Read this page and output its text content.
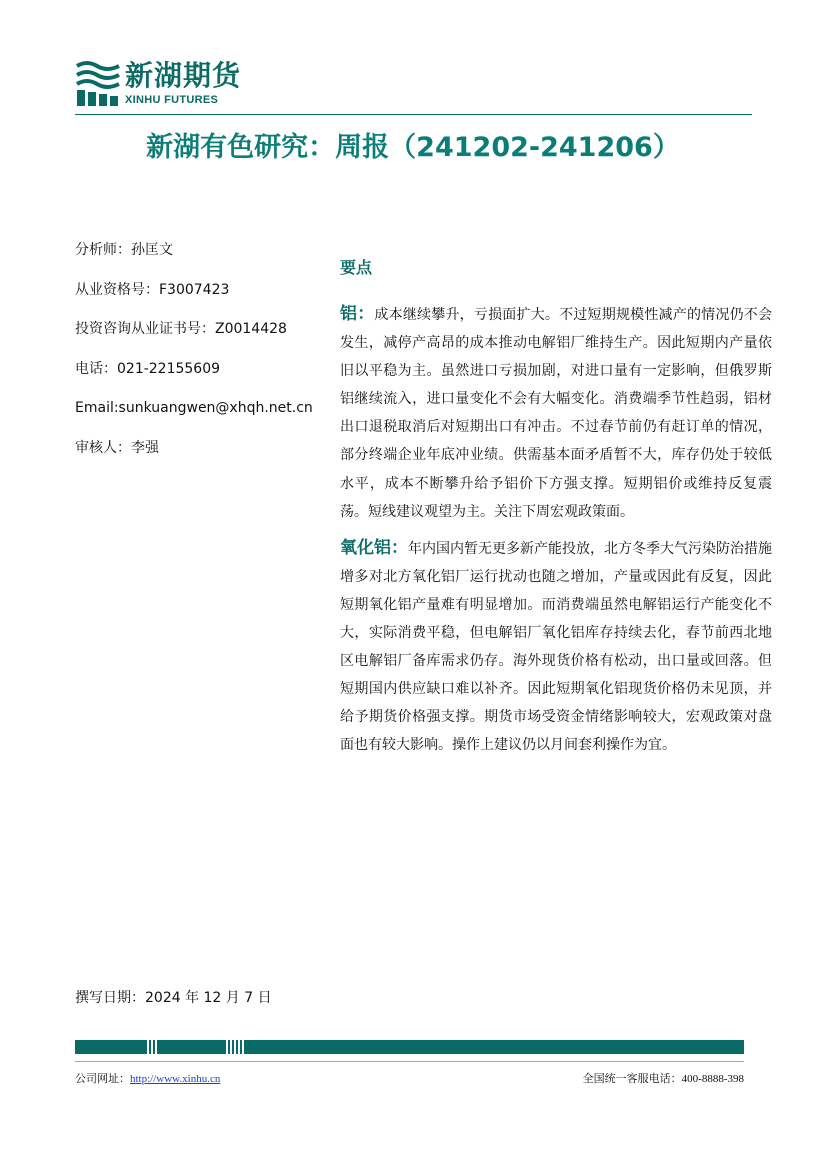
新湖期货
XINHU FUTURES
新湖有色研究：周报（241202-241206）
分析师：孙匡文
从业资格号：F3007423
投资咨询从业证书号：Z0014428
电话：021-22155609
Email:sunkuangwen@xhqh.net.cn
审核人：李强
要点

铝：成本继续攀升，亏损面扩大。不过短期规模性减产的情况仍不会发生，减停产高昂的成本推动电解铝厂维持生产。因此短期内产量依旧以平稳为主。虽然进口亏损加剧，对进口量有一定影响，但俄罗斯铝继续流入，进口量变化不会有大幅变化。消费端季节性趋弱，铝材出口退税取消后对短期出口有冲击。不过春节前仍有赶订单的情况，部分终端企业年底冲业绩。供需基本面矛盾暂不大，库存仍处于较低水平，成本不断攀升给予铝价下方强支撑。短期铝价或维持反复震荡。短线建议观望为主。关注下周宏观政策面。

氧化铝：年内国内暂无更多新产能投放，北方冬季大气污染防治措施增多对北方氧化铝厂运行扰动也随之增加，产量或因此有反复，因此短期氧化铝产量难有明显增加。而消费端虽然电解铝运行产能变化不大，实际消费平稳，但电解铝厂氧化铝库存持续去化，春节前西北地区电解铝厂备库需求仍存。海外现货价格有松动，出口量或回落。但短期国内供应缺口难以补齐。因此短期氧化铝现货价格仍未见顶，并给予期货价格强支撑。期货市场受资金情绪影响较大，宏观政策对盘面也有较大影响。操作上建议仍以月间套利操作为宜。

撰写日期：2024 年 12 月 7 日
公司网址：http://www.xinhu.cn	全国统一客服电话：400-8888-398
